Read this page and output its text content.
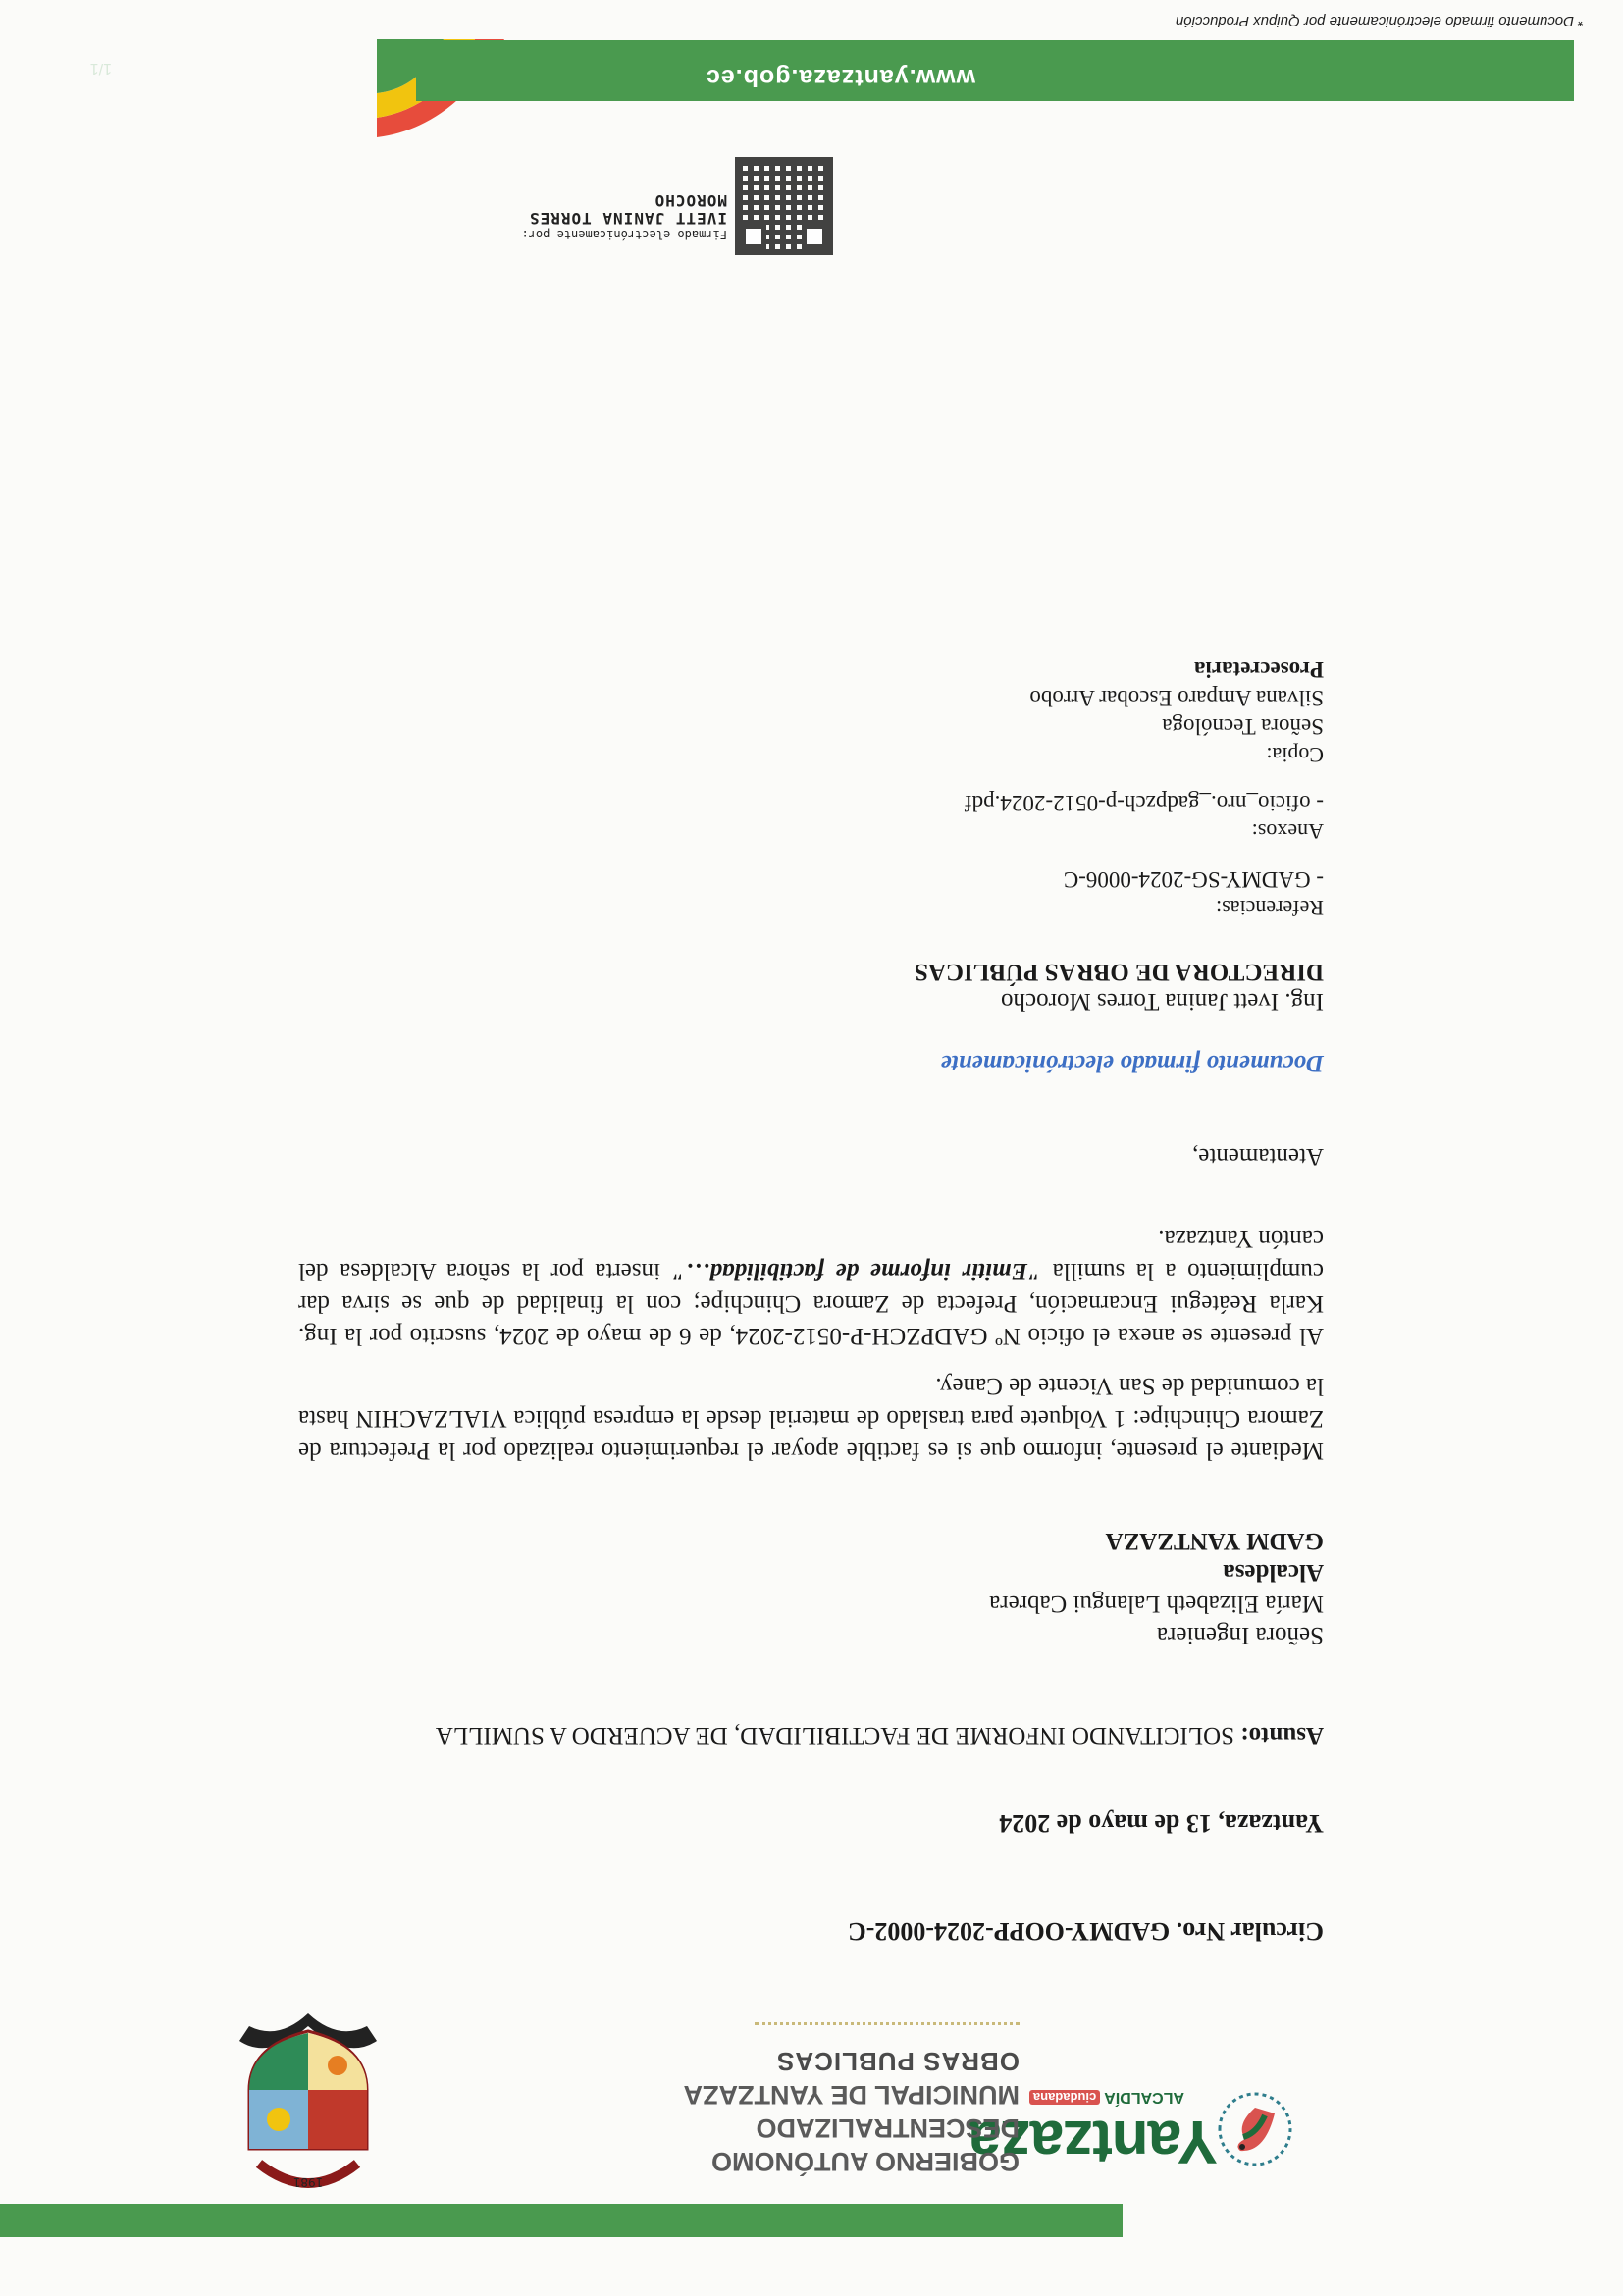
Yantzaza
ALCALDÍAciudadana
GOBIERNO AUTÓNOMO DESCENTRALIZADO
MUNICIPAL DE YANTZAZA
OBRAS PUBLICAS
1981
Circular Nro. GADMY-OOPP-2024-0002-C
Yantzaza, 13 de mayo de 2024
Asunto: SOLICITANDO INFORME DE FACTIBILIDAD, DE ACUERDO A SUMILLA
Señora Ingeniera
María Elizabeth Lalangui Cabrera
Alcaldesa
GADM YANTZAZA
Mediante el presente, informo que si es factible apoyar el requerimiento realizado por la Prefectura de Zamora Chinchipe: 1 Volquete para traslado de material desde la empresa pública VIALZACHIN hasta la comunidad de San Vicente de Caney.
Al presente se anexa el oficio Nº GADPZCH-P-0512-2024, de 6 de mayo de 2024, suscrito por la Ing. Karla Reátegui Encarnación, Prefecta de Zamora Chinchipe; con la finalidad de que se sirva dar cumplimiento a la sumilla "Emitir informe de factibilidad…" inserta por la señora Alcaldesa del cantón Yantzaza.
Atentamente,
Documento firmado electrónicamente
Ing. Ivett Janina Torres Morocho
DIRECTORA DE OBRAS PÚBLICAS
Referencias:
- GADMY-SG-2024-0006-C
Anexos:
- oficio_nro._gadpzch-p-0512-2024.pdf
Copia:
Señora Tecnóloga
Silvana Amparo Escobar Arrobo
Prosecretaria
Firmado electrónicamente por:
IVETT JANINA TORRES
MOROCHO
www.yantzaza.gob.ec
1/1
* Documento firmado electrónicamente por Quipux Producción
